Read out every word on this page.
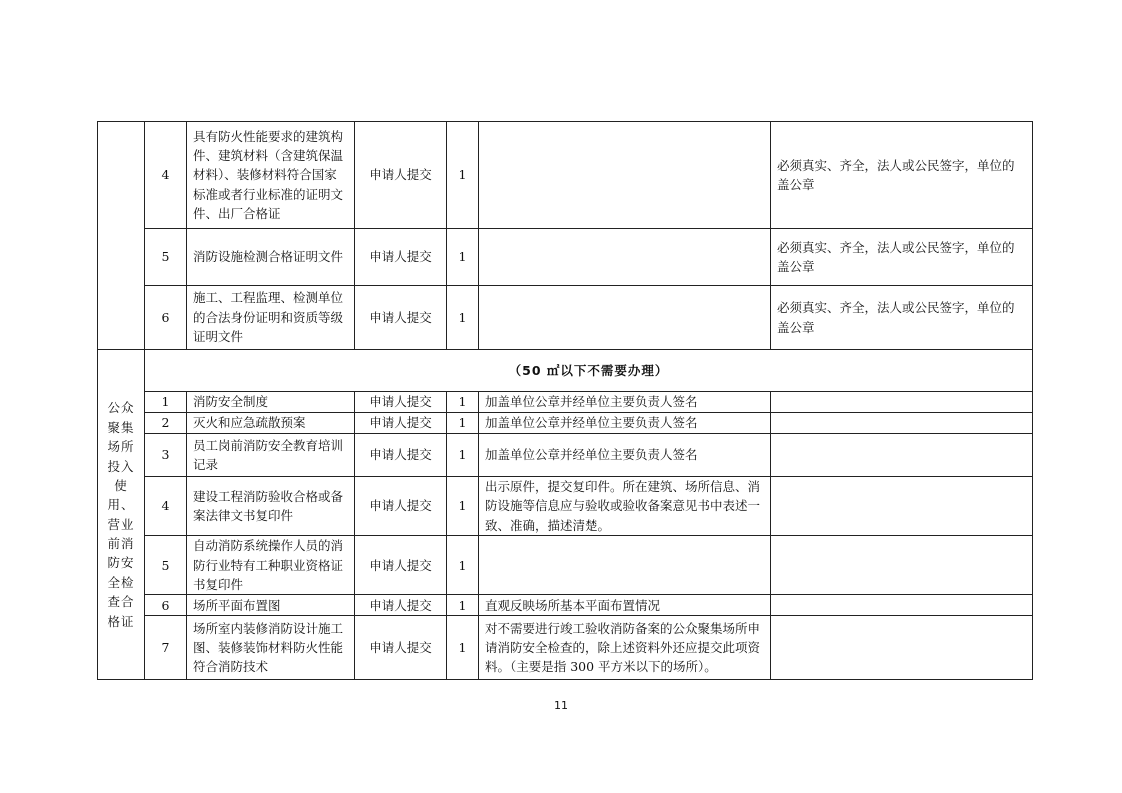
	4	具有防火性能要求的建筑构件、建筑材料（含建筑保温材料）、装修材料符合国家标准或者行业标准的证明文件、出厂合格证	申请人提交	1		必须真实、齐全，法人或公民签字，单位的盖公章
	5	消防设施检测合格证明文件	申请人提交	1		必须真实、齐全，法人或公民签字，单位的盖公章
	6	施工、工程监理、检测单位的合法身份证明和资质等级证明文件	申请人提交	1		必须真实、齐全，法人或公民签字，单位的盖公章
公众聚集场所投入使用、营业前消防安全检查合格证	（50 ㎡以下不需要办理）					
	1	消防安全制度	申请人提交	1	加盖单位公章并经单位主要负责人签名	
	2	灭火和应急疏散预案	申请人提交	1	加盖单位公章并经单位主要负责人签名	
	3	员工岗前消防安全教育培训记录	申请人提交	1	加盖单位公章并经单位主要负责人签名	
	4	建设工程消防验收合格或备案法律文书复印件	申请人提交	1	出示原件，提交复印件。所在建筑、场所信息、消防设施等信息应与验收或验收备案意见书中表述一致、准确，描述清楚。	
	5	自动消防系统操作人员的消防行业特有工种职业资格证书复印件	申请人提交	1		
	6	场所平面布置图	申请人提交	1	直观反映场所基本平面布置情况	
	7	场所室内装修消防设计施工图、装修装饰材料防火性能符合消防技术	申请人提交	1	对不需要进行竣工验收消防备案的公众聚集场所申请消防安全检查的，除上述资料外还应提交此项资料。（主要是指 300 平方米以下的场所）。	
11
